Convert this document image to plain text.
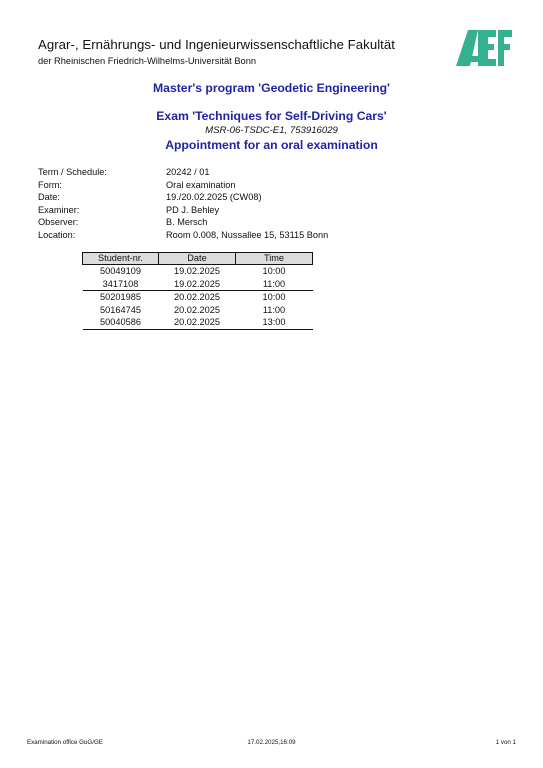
Agrar-, Ernährungs- und Ingenieurwissenschaftliche Fakultät
der Rheinischen Friedrich-Wilhelms-Universität Bonn
Master's program 'Geodetic Engineering'
Exam 'Techniques for Self-Driving Cars'
MSR-06-TSDC-E1, 753916029
Appointment for an oral examination
Term / Schedule:	20242 / 01
Form:	Oral examination
Date:	19./20.02.2025 (CW08)
Examiner:	PD J. Behley
Observer:	B. Mersch
Location:	Room 0.008, Nussallee 15, 53115 Bonn
Student-nr.	Date	Time
50049109	19.02.2025	10:00
3417108	19.02.2025	11:00
50201985	20.02.2025	10:00
50164745	20.02.2025	11:00
50040586	20.02.2025	13:00
Examination office GuG/GE	17.02.2025,16:09	1 von 1
